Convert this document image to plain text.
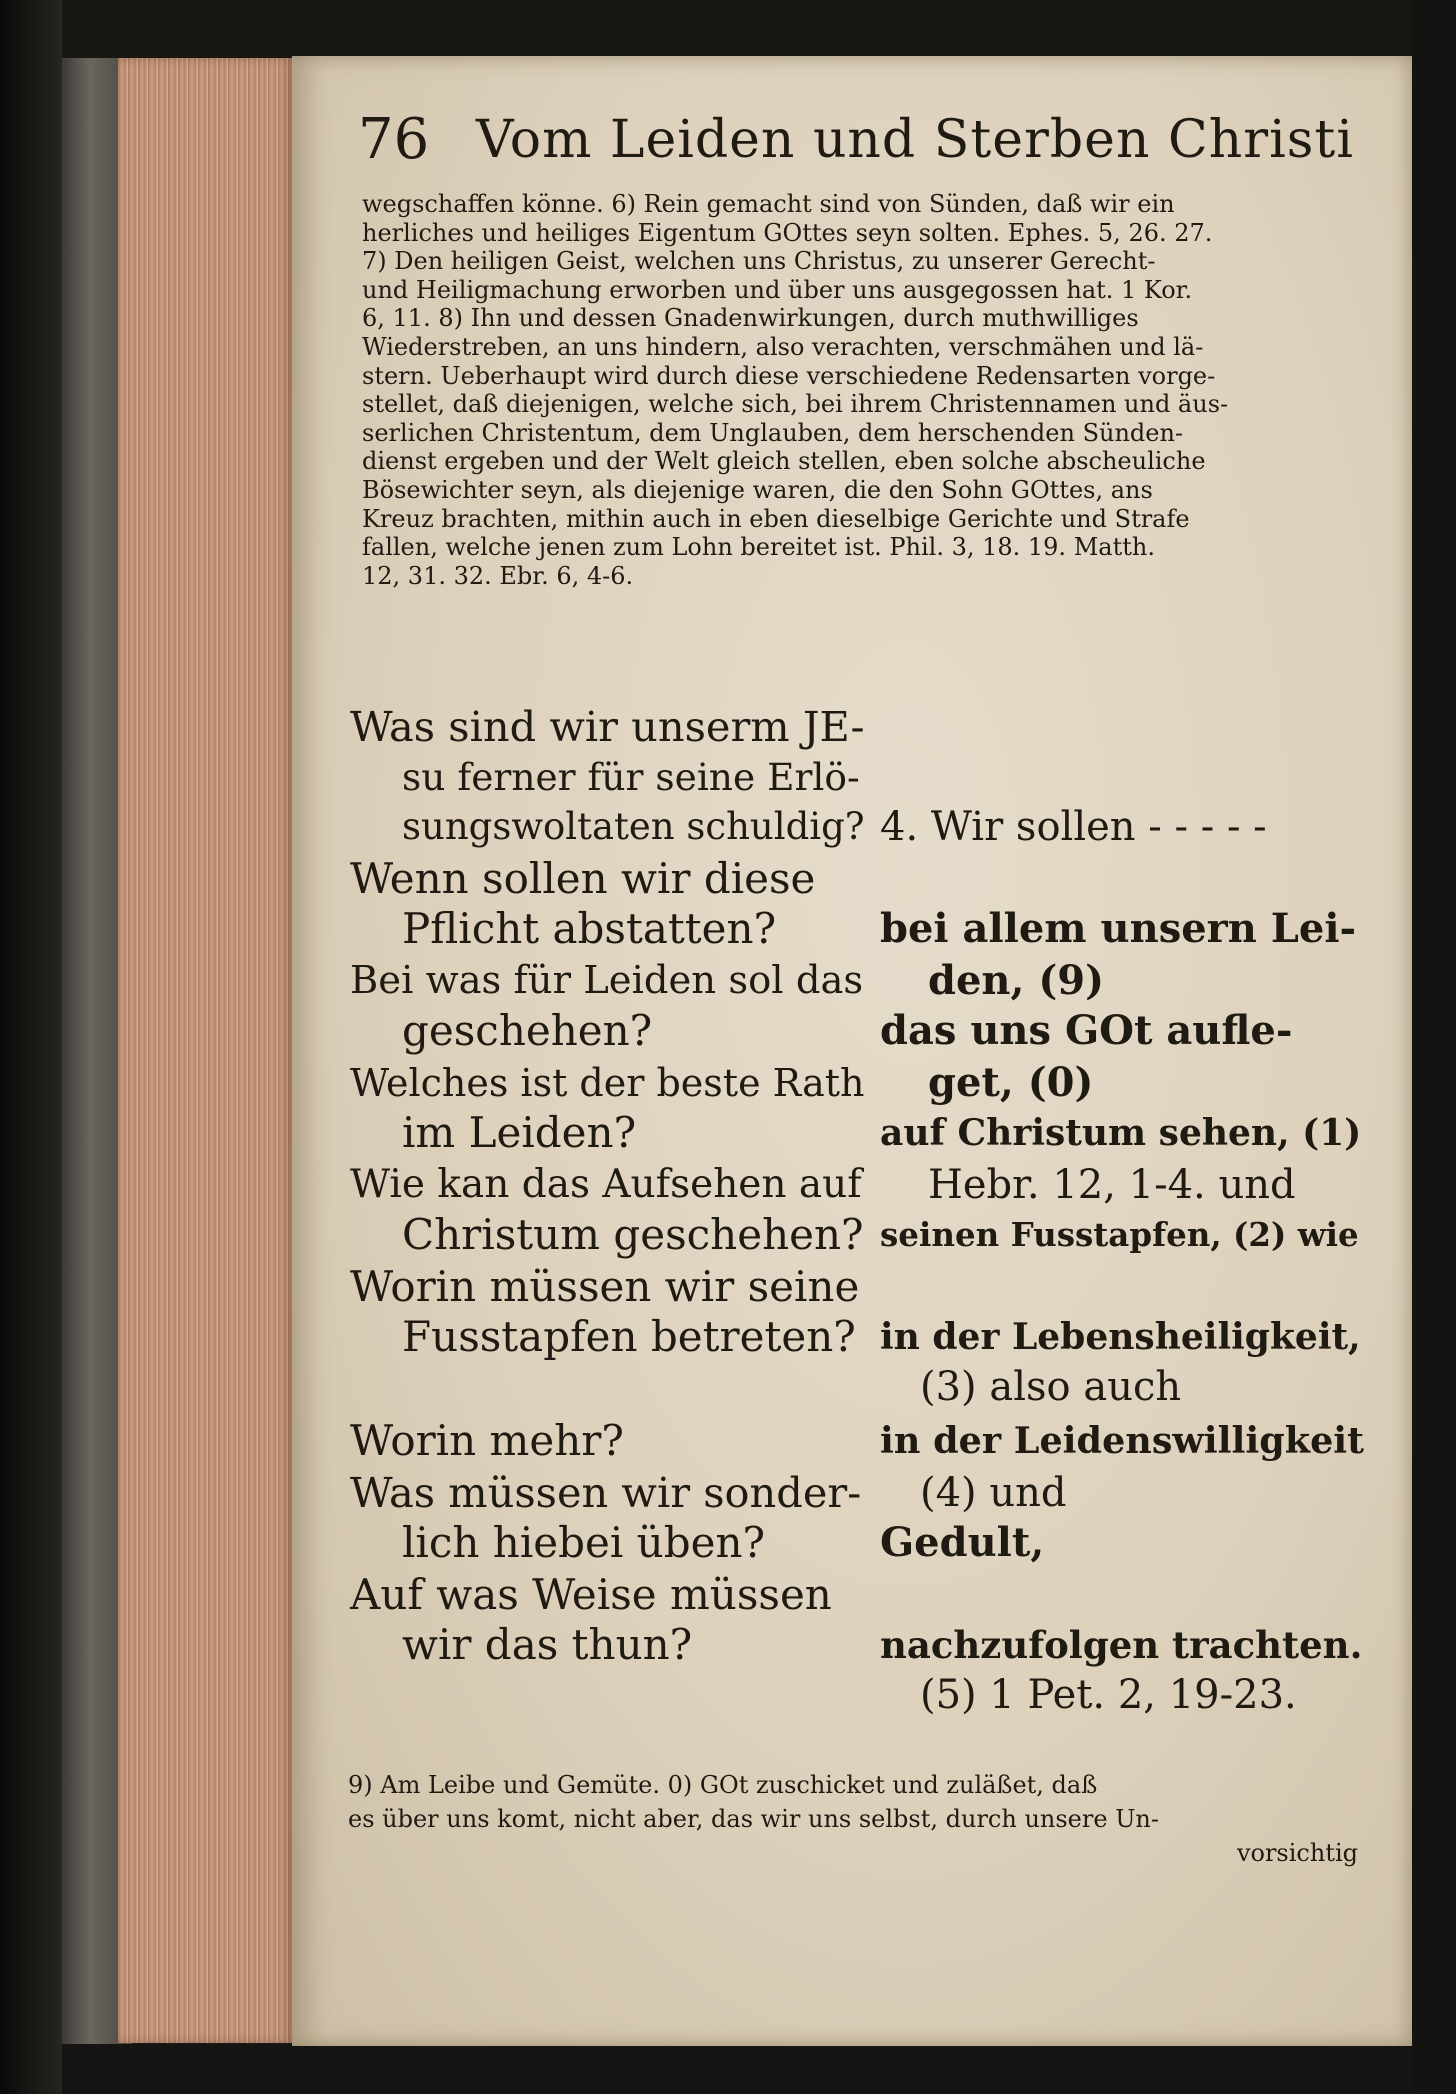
76 Vom Leiden und Sterben Christi
wegschaffen könne. 6) Rein gemacht sind von Sünden, daß wir ein
herliches und heiliges Eigentum GOttes seyn solten. Ephes. 5, 26. 27.
7) Den heiligen Geist, welchen uns Christus, zu unserer Gerecht-
und Heiligmachung erworben und über uns ausgegossen hat. 1 Kor.
6, 11. 8) Ihn und dessen Gnadenwirkungen, durch muthwilliges
Wiederstreben, an uns hindern, also verachten, verschmähen und lä-
stern. Ueberhaupt wird durch diese verschiedene Redensarten vorge-
stellet, daß diejenigen, welche sich, bei ihrem Christennamen und äus-
serlichen Christentum, dem Unglauben, dem herschenden Sünden-
dienst ergeben und der Welt gleich stellen, eben solche abscheuliche
Bösewichter seyn, als diejenige waren, die den Sohn GOttes, ans
Kreuz brachten, mithin auch in eben dieselbige Gerichte und Strafe
fallen, welche jenen zum Lohn bereitet ist. Phil. 3, 18. 19. Matth.
12, 31. 32. Ebr. 6, 4-6.
Was sind wir unserm JE-
su ferner für seine Erlö-
sungswoltaten schuldig?
Wenn sollen wir diese
Pflicht abstatten?
Bei was für Leiden sol das
geschehen?
Welches ist der beste Rath
im Leiden?
Wie kan das Aufsehen auf
Christum geschehen?
Worin müssen wir seine
Fusstapfen betreten?
Worin mehr?
Was müssen wir sonder-
lich hiebei üben?
Auf was Weise müssen
wir das thun?
4. Wir sollen - - - - -
bei allem unsern Lei-
den, (9)
das uns GOt aufle-
get, (0)
auf Christum sehen, (1)
Hebr. 12, 1-4. und
seinen Fusstapfen, (2) wie
in der Lebensheiligkeit,
(3) also auch
in der Leidenswilligkeit
(4) und
Gedult,
nachzufolgen trachten.
(5) 1 Pet. 2, 19-23.
9) Am Leibe und Gemüte. 0) GOt zuschicket und zuläßet, daß
es über uns komt, nicht aber, das wir uns selbst, durch unsere Un-
vorsichtig
